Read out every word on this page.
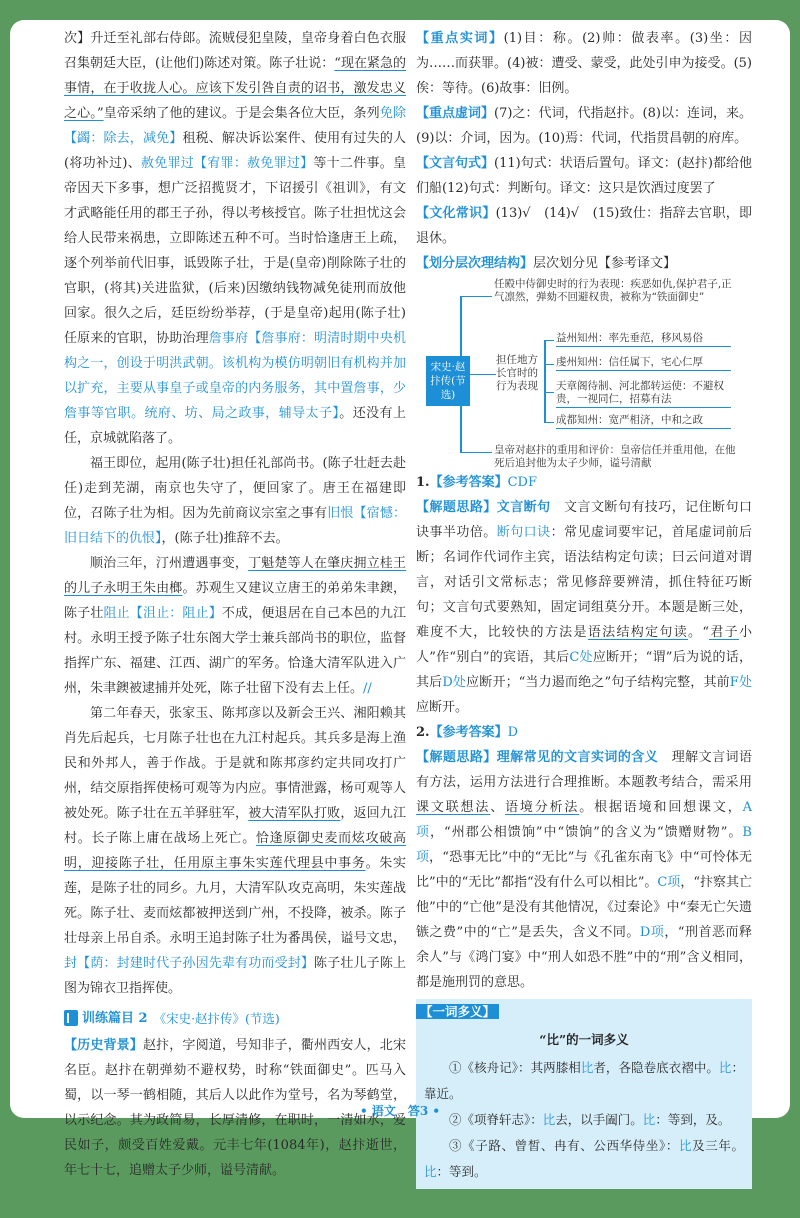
次】升迁至礼部右侍郎。流贼侵犯皇陵，皇帝身着白色衣服召集朝廷大臣，(让他们)陈述对策。陈子壮说：“现在紧急的事情，在于收拢人心。应该下发引咎自责的诏书，激发忠义之心。”皇帝采纳了他的建议。于是会集各位大臣，条列免除【蠲：除去，减免】租税、解决诉讼案件、使用有过失的人(将功补过)、赦免罪过【宥罪：赦免罪过】等十二件事。皇帝因天下多事，想广泛招揽贤才，下诏援引《祖训》，有文才武略能任用的郡王子孙，得以考核授官。陈子壮担忧这会给人民带来祸患，立即陈述五种不可。当时恰逢唐王上疏，逐个列举前代旧事，诋毁陈子壮，于是(皇帝)削除陈子壮的官职，(将其)关进监狱，(后来)因缴纳钱物减免徒刑而放他回家。很久之后，廷臣纷纷举荐，(于是皇帝)起用(陈子壮)任原来的官职，协助治理詹事府【詹事府：明清时期中央机构之一，创设于明洪武朝。该机构为模仿明朝旧有机构并加以扩充，主要从事皇子或皇帝的内务服务，其中置詹事，少詹事等官职。统府、坊、局之政事，辅导太子】。还没有上任，京城就陷落了。

福王即位，起用(陈子壮)担任礼部尚书。(陈子壮赶去赴任)走到芜湖，南京也失守了，便回家了。唐王在福建即位，召陈子壮为相。因为先前商议宗室之事有旧恨【宿憾：旧日结下的仇恨】，(陈子壮)推辞不去。

顺治三年，汀州遭遇事变，丁魁楚等人在肇庆拥立桂王的儿子永明王朱由榔。苏观生又建议立唐王的弟弟朱聿鐭，陈子壮阻止【沮止：阻止】不成，便退居在自己本邑的九江村。永明王授予陈子壮东阁大学士兼兵部尚书的职位，监督指挥广东、福建、江西、湖广的军务。恰逢大清军队进入广州，朱聿鐭被逮捕并处死，陈子壮留下没有去上任。//

第二年春天，张家玉、陈邦彦以及新会王兴、湘阳赖其肖先后起兵，七月陈子壮也在九江村起兵。其兵多是海上渔民和外邦人，善于作战。于是就和陈邦彦约定共同攻打广州，结交原指挥使杨可观等为内应。事情泄露，杨可观等人被处死。陈子壮在五羊驿驻军，被大清军队打败，返回九江村。长子陈上庸在战场上死亡。恰逢原御史麦而炫攻破高明，迎接陈子壮，任用原主事朱实莲代理县中事务。朱实莲，是陈子壮的同乡。九月，大清军队攻克高明，朱实莲战死。陈子壮、麦而炫都被押送到广州，不投降，被杀。陈子壮母亲上吊自杀。永明王追封陈子壮为番禺侯，谥号文忠，封【荫：封建时代子孙因先辈有功而受封】陈子壮儿子陈上图为锦衣卫指挥使。

训练篇目 2 《宋史·赵抃传》(节选)

【历史背景】赵抃，字阅道，号知非子，衢州西安人，北宋名臣。赵抃在朝弹劾不避权势，时称“铁面御史”。匹马入蜀，以一琴一鹤相随，其后人以此作为堂号，名为琴鹤堂，以示纪念。其为政简易，长厚清修，在职时，一清如水，爱民如子，颇受百姓爱戴。元丰七年(1084年)，赵抃逝世，年七十七，追赠太子少师，谥号清献。

【重点实词】(1)目：称。(2)帅：做表率。(3)坐：因为……而获罪。(4)被：遭受、蒙受，此处引申为接受。(5)俟：等待。(6)故事：旧例。

【重点虚词】(7)之：代词，代指赵抃。(8)以：连词，来。(9)以：介词，因为。(10)焉：代词，代指贯昌朝的府库。

【文言句式】(11)句式：状语后置句。译文：(赵抃)都给他们船(12)句式：判断句。译文：这只是饮酒过度罢了

【文化常识】(13)√　(14)√　(15)致仕：指辞去官职，即退休。

【划分层次理结构】层次划分见【参考译文】

宋史·赵抃传(节选)
任殿中侍御史时的行为表现：疾恶如仇,保护君子,正气凛然，弹劾不回避权贵，被称为“铁面御史”
担任地方长官时的行为表现
益州知州：率先垂范，移风易俗
虔州知州：信任属下，宅心仁厚
天章阁待制、河北都转运使：不避权贵，一视同仁，招募有法
成都知州：宽严相济，中和之政
皇帝对赵抃的重用和评价：皇帝信任并重用他，在他死后追封他为太子少师，谥号清献

1.【参考答案】CDF

【解题思路】文言断句　 文言文断句有技巧，记住断句口诀事半功倍。断句口诀：常见虚词要牢记，首尾虚词前后断；名词作代词作主宾，语法结构定句读；曰云问道对谓言，对话引文常标志；常见修辞要辨清，抓住特征巧断句；文言句式要熟知，固定词组莫分开。本题是断三处，难度不大，比较快的方法是语法结构定句读。“君子小人”作“别白”的宾语，其后C处应断开；“谓”后为说的话，其后D处应断开；“当力遏而绝之”句子结构完整，其前F处应断开。

2.【参考答案】D

【解题思路】理解常见的文言实词的含义　 理解文言词语有方法，运用方法进行合理推断。本题教考结合，需采用课文联想法、语境分析法。根据语境和回想课文，A项，“州郡公相馈饷”中“馈饷”的含义为“馈赠财物”。B项，“恐事无比”中的“无比”与《孔雀东南飞》中“可怜体无比”中的“无比”都指“没有什么可以相比”。C项，“抃察其亡他”中的“亡他”是没有其他情况，《过秦论》中“秦无亡矢遗镞之费”中的“亡”是丢失，含义不同。D项，“刑首恶而释余人”与《鸿门宴》中“刑人如恐不胜”中的“刑”含义相同，都是施刑罚的意思。

【一词多义】
“比”的一词多义

①《核舟记》：其两膝相比者，各隐卷底衣褶中。比：靠近。

②《项脊轩志》：比去，以手阖门。比：等到，及。

③《子路、曾皙、冉有、公西华侍坐》：比及三年。比：等到。

• 语文　答3 •
